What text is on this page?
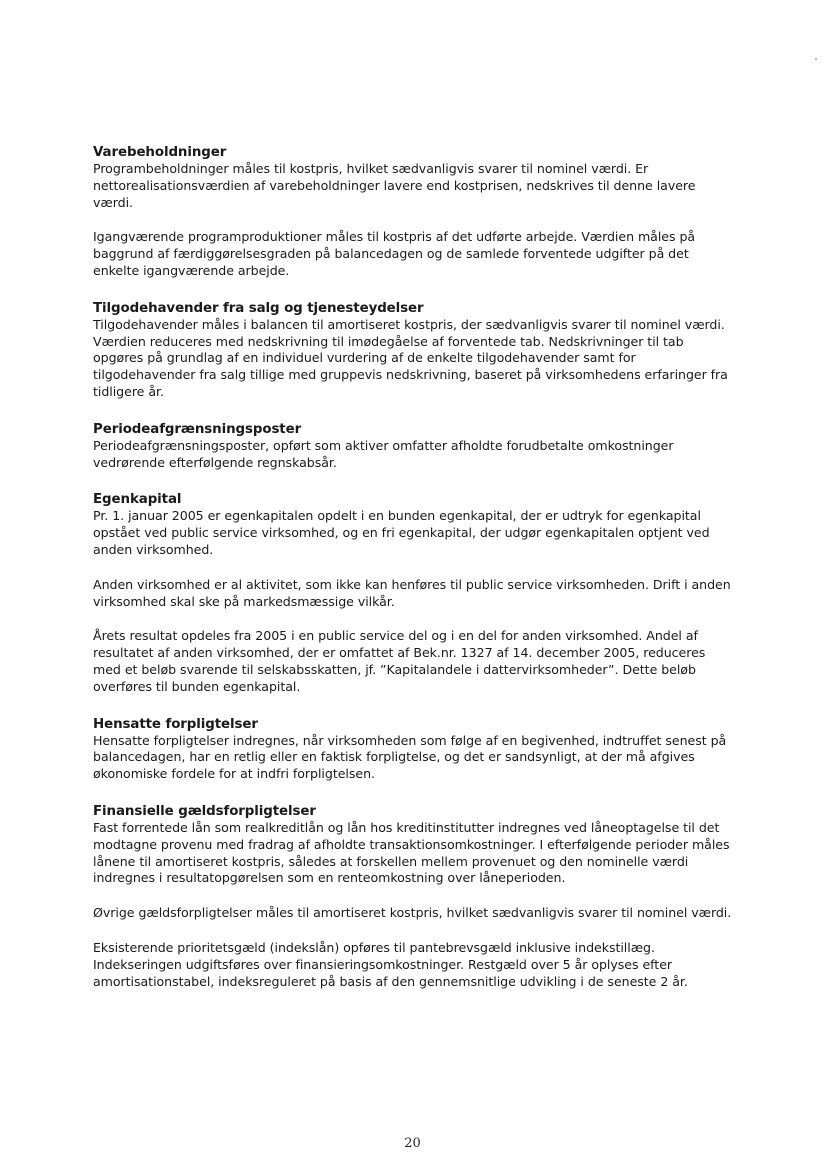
Varebeholdninger

Programbeholdninger måles til kostpris, hvilket sædvanligvis svarer til nominel værdi. Er nettorealisationsværdien af varebeholdninger lavere end kostprisen, nedskrives til denne lavere værdi.

Igangværende programproduktioner måles til kostpris af det udførte arbejde. Værdien måles på baggrund af færdiggørelsesgraden på balancedagen og de samlede forventede udgifter på det enkelte igangværende arbejde.

Tilgodehavender fra salg og tjenesteydelser

Tilgodehavender måles i balancen til amortiseret kostpris, der sædvanligvis svarer til nominel værdi. Værdien reduceres med nedskrivning til imødegåelse af forventede tab. Nedskrivninger til tab opgøres på grundlag af en individuel vurdering af de enkelte tilgodehavender samt for tilgodehavender fra salg tillige med gruppevis nedskrivning, baseret på virksomhedens erfaringer fra tidligere år.

Periodeafgrænsningsposter

Periodeafgrænsningsposter, opført som aktiver omfatter afholdte forudbetalte omkostninger vedrørende efterfølgende regnskabsår.

Egenkapital

Pr. 1. januar 2005 er egenkapitalen opdelt i en bunden egenkapital, der er udtryk for egenkapital opstået ved public service virksomhed, og en fri egenkapital, der udgør egenkapitalen optjent ved anden virksomhed.

Anden virksomhed er al aktivitet, som ikke kan henføres til public service virksomheden. Drift i anden virksomhed skal ske på markedsmæssige vilkår.

Årets resultat opdeles fra 2005 i en public service del og i en del for anden virksomhed. Andel af resultatet af anden virksomhed, der er omfattet af Bek.nr. 1327 af 14. december 2005, reduceres med et beløb svarende til selskabsskatten, jf. ”Kapitalandele i dattervirksomheder”. Dette beløb overføres til bunden egenkapital.

Hensatte forpligtelser

Hensatte forpligtelser indregnes, når virksomheden som følge af en begivenhed, indtruffet senest på balancedagen, har en retlig eller en faktisk forpligtelse, og det er sandsynligt, at der må afgives økonomiske fordele for at indfri forpligtelsen.

Finansielle gældsforpligtelser

Fast forrentede lån som realkreditlån og lån hos kreditinstitutter indregnes ved låneoptagelse til det modtagne provenu med fradrag af afholdte transaktionsomkostninger. I efterfølgende perioder måles lånene til amortiseret kostpris, således at forskellen mellem provenuet og den nominelle værdi indregnes i resultatopgørelsen som en renteomkostning over låneperioden.

Øvrige gældsforpligtelser måles til amortiseret kostpris, hvilket sædvanligvis svarer til nominel værdi.

Eksisterende prioritetsgæld (indekslån) opføres til pantebrevsgæld inklusive indekstillæg. Indekseringen udgiftsføres over finansieringsomkostninger. Restgæld over 5 år oplyses efter amortisationstabel, indeksreguleret på basis af den gennemsnitlige udvikling i de seneste 2 år.

20
